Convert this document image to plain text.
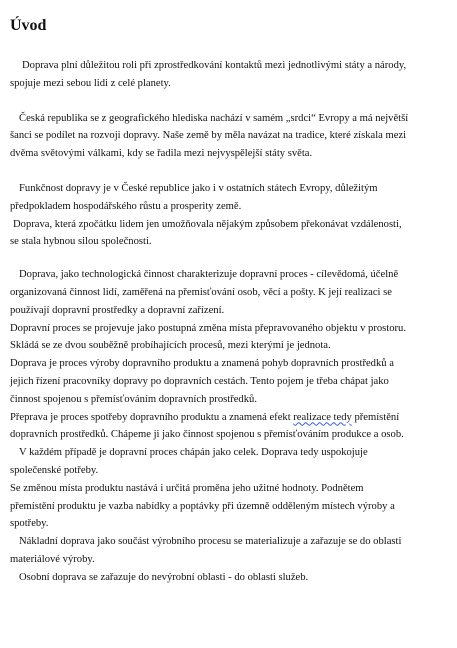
Úvod
Doprava plní důležitou roli při zprostředkování kontaktů mezi jednotlivými státy a národy,
spojuje mezi sebou lidi z celé planety.
Česká republika se z geografického hlediska nachází v samém „srdci“ Evropy a má největší
šanci se podílet na rozvoji dopravy. Naše země by měla navázat na tradice, které získala mezi
dvěma světovými válkami, kdy se řadila mezi nejvyspělejší státy světa.
Funkčnost dopravy je v České republice jako i v ostatních státech Evropy, důležitým
předpokladem hospodářského růstu a prosperity země.
Doprava, která zpočátku lidem jen umožňovala nějakým způsobem překonávat vzdálenosti,
se stala hybnou silou společnosti.
Doprava, jako technologická činnost charakterizuje dopravní proces - cílevědomá, účelně
organizovaná činnost lidí, zaměřená na přemisťování osob, věcí a pošty. K její realizaci se
používají dopravní prostředky a dopravní zařízení.
Dopravní proces se projevuje jako postupná změna místa přepravovaného objektu v prostoru.
Skládá se ze dvou souběžně probíhajících procesů, mezi kterými je jednota.
Doprava je proces výroby dopravního produktu a znamená pohyb dopravních prostředků a
jejich řízení pracovníky dopravy po dopravních cestách. Tento pojem je třeba chápat jako
činnost spojenou s přemísťováním dopravních prostředků.
Přeprava je proces spotřeby dopravního produktu a znamená efekt realizace tedy přemístění
dopravních prostředků. Chápeme ji jako činnost spojenou s přemísťováním produkce a osob.
V každém případě je dopravní proces chápán jako celek. Doprava tedy uspokojuje
společenské potřeby.
Se změnou místa produktu nastává i určitá proměna jeho užitné hodnoty. Podnětem
přemístění produktu je vazba nabídky a poptávky při územně odděleným místech výroby a
spotřeby.
Nákladní doprava jako součást výrobního procesu se materializuje a zařazuje se do oblasti
materiálové výroby.
Osobní doprava se zařazuje do nevýrobní oblasti - do oblasti služeb.
